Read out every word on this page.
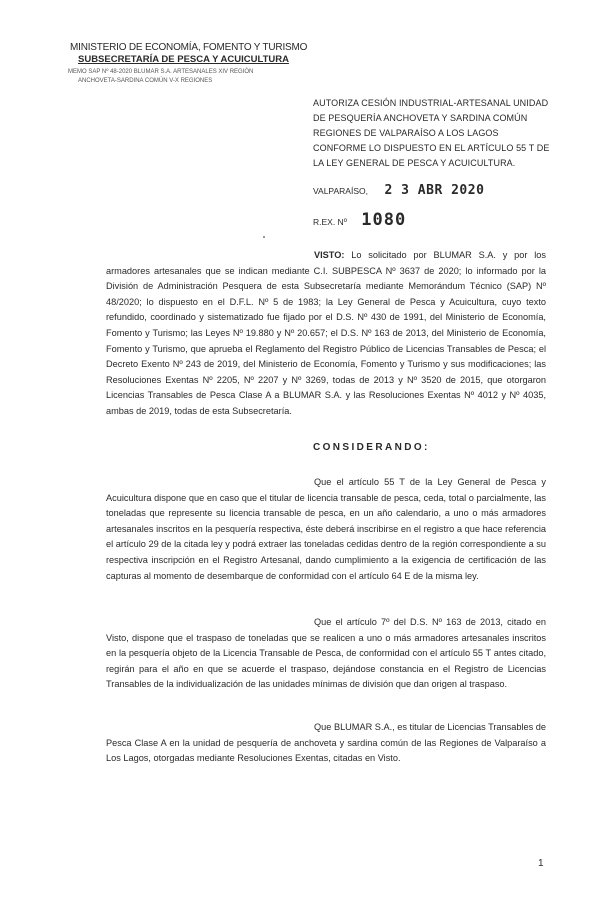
MINISTERIO DE ECONOMÍA, FOMENTO Y TURISMO
SUBSECRETARÍA DE PESCA Y ACUICULTURA
MEMO SAP Nº 48-2020 BLUMAR S.A. ARTESANALES XIV REGIÓN
ANCHOVETA-SARDINA COMÚN V-X REGIONES
AUTORIZA CESIÓN INDUSTRIAL-ARTESANAL UNIDAD DE PESQUERÍA ANCHOVETA Y SARDINA COMÚN REGIONES DE VALPARAÍSO A LOS LAGOS CONFORME LO DISPUESTO EN EL ARTÍCULO 55 T DE LA LEY GENERAL DE PESCA Y ACUICULTURA.
VALPARAÍSO, 2 3 ABR 2020
R.EX. Nº 1080
VISTO: Lo solicitado por BLUMAR S.A. y por los armadores artesanales que se indican mediante C.I. SUBPESCA Nº 3637 de 2020; lo informado por la División de Administración Pesquera de esta Subsecretaría mediante Memorándum Técnico (SAP) Nº 48/2020; lo dispuesto en el D.F.L. Nº 5 de 1983; la Ley General de Pesca y Acuicultura, cuyo texto refundido, coordinado y sistematizado fue fijado por el D.S. Nº 430 de 1991, del Ministerio de Economía, Fomento y Turismo; las Leyes Nº 19.880 y Nº 20.657; el D.S. Nº 163 de 2013, del Ministerio de Economía, Fomento y Turismo, que aprueba el Reglamento del Registro Público de Licencias Transables de Pesca; el Decreto Exento Nº 243 de 2019, del Ministerio de Economía, Fomento y Turismo y sus modificaciones; las Resoluciones Exentas Nº 2205, Nº 2207 y Nº 3269, todas de 2013 y Nº 3520 de 2015, que otorgaron Licencias Transables de Pesca Clase A a BLUMAR S.A. y las Resoluciones Exentas Nº 4012 y Nº 4035, ambas de 2019, todas de esta Subsecretaría.
CONSIDERANDO:
Que el artículo 55 T de la Ley General de Pesca y Acuicultura dispone que en caso que el titular de licencia transable de pesca, ceda, total o parcialmente, las toneladas que represente su licencia transable de pesca, en un año calendario, a uno o más armadores artesanales inscritos en la pesquería respectiva, éste deberá inscribirse en el registro a que hace referencia el artículo 29 de la citada ley y podrá extraer las toneladas cedidas dentro de la región correspondiente a su respectiva inscripción en el Registro Artesanal, dando cumplimiento a la exigencia de certificación de las capturas al momento de desembarque de conformidad con el artículo 64 E de la misma ley.
Que el artículo 7º del D.S. Nº 163 de 2013, citado en Visto, dispone que el traspaso de toneladas que se realicen a uno o más armadores artesanales inscritos en la pesquería objeto de la Licencia Transable de Pesca, de conformidad con el artículo 55 T antes citado, regirán para el año en que se acuerde el traspaso, dejándose constancia en el Registro de Licencias Transables de la individualización de las unidades mínimas de división que dan origen al traspaso.
Que BLUMAR S.A., es titular de Licencias Transables de Pesca Clase A en la unidad de pesquería de anchoveta y sardina común de las Regiones de Valparaíso a Los Lagos, otorgadas mediante Resoluciones Exentas, citadas en Visto.
1
